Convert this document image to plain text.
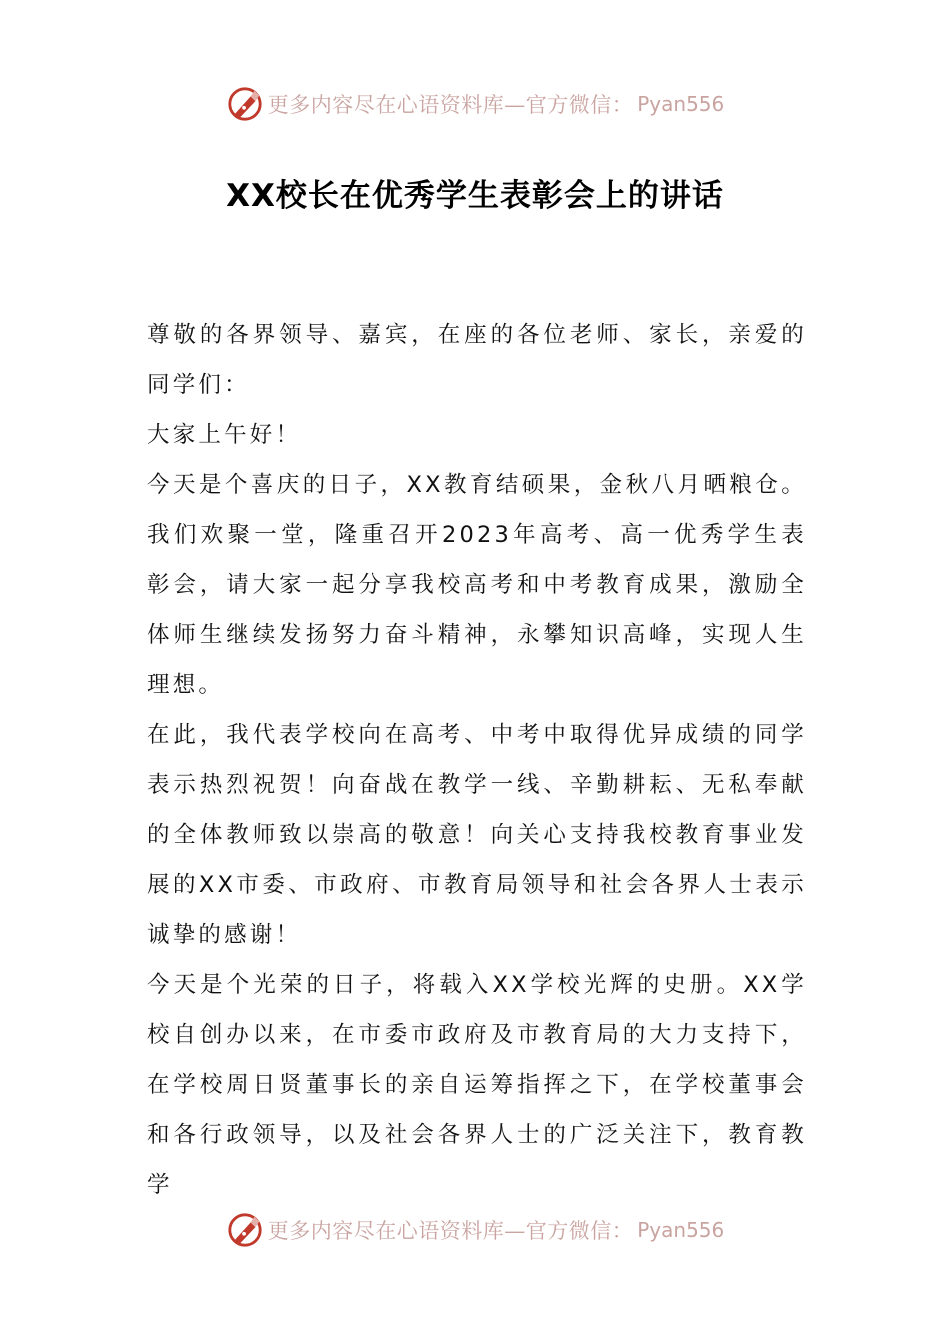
更多内容尽在心语资料库—官方微信： Pyan556
XX校长在优秀学生表彰会上的讲话

尊敬的各界领导、嘉宾，在座的各位老师、家长，亲爱的同学们：

大家上午好！

今天是个喜庆的日子，XX教育结硕果，金秋八月晒粮仓。我们欢聚一堂，隆重召开2023年高考、高一优秀学生表彰会，请大家一起分享我校高考和中考教育成果，激励全体师生继续发扬努力奋斗精神，永攀知识高峰，实现人生理想。

在此，我代表学校向在高考、中考中取得优异成绩的同学表示热烈祝贺！向奋战在教学一线、辛勤耕耘、无私奉献的全体教师致以崇高的敬意！向关心支持我校教育事业发展的XX市委、市政府、市教育局领导和社会各界人士表示诚挚的感谢！

今天是个光荣的日子，将载入XX学校光辉的史册。XX学校自创办以来，在市委市政府及市教育局的大力支持下，在学校周日贤董事长的亲自运筹指挥之下，在学校董事会和各行政领导，以及社会各界人士的广泛关注下，教育教学

更多内容尽在心语资料库—官方微信： Pyan556
